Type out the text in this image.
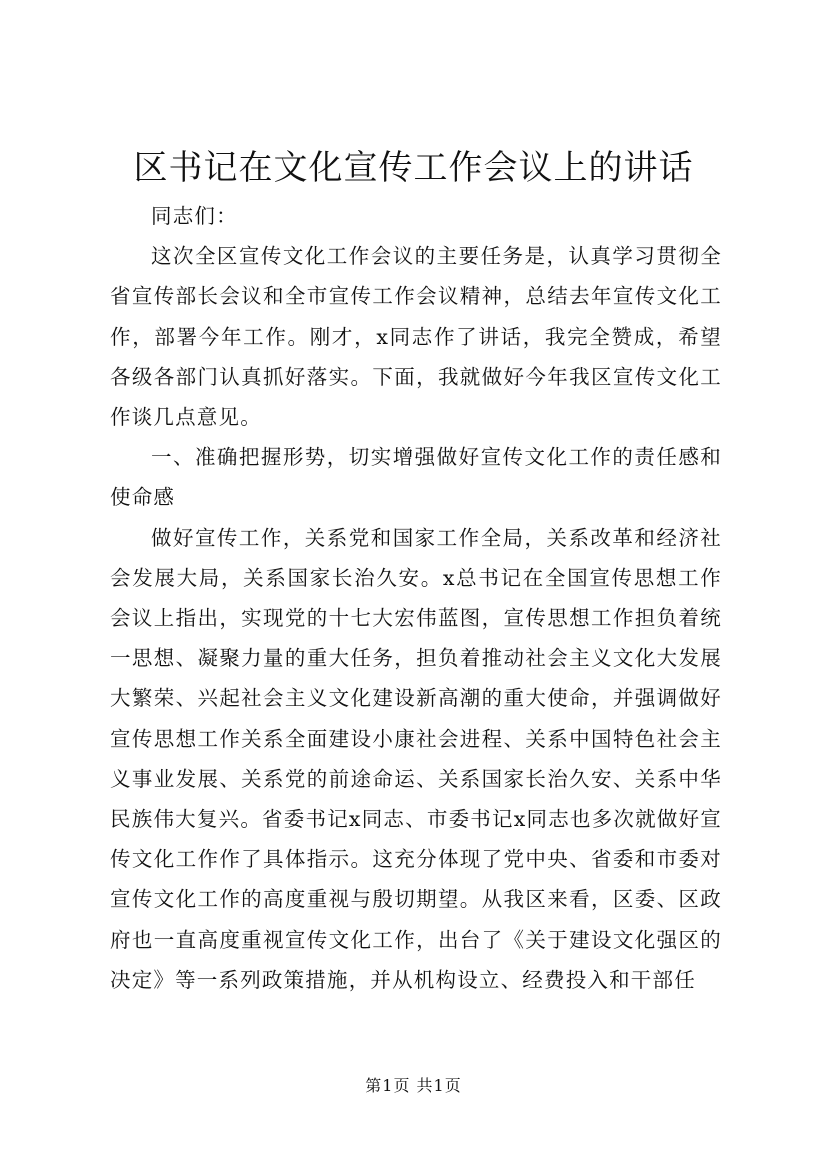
区书记在文化宣传工作会议上的讲话

同志们：

这次全区宣传文化工作会议的主要任务是，认真学习贯彻全省宣传部长会议和全市宣传工作会议精神，总结去年宣传文化工作，部署今年工作。刚才，x同志作了讲话，我完全赞成，希望各级各部门认真抓好落实。下面，我就做好今年我区宣传文化工作谈几点意见。

一、准确把握形势，切实增强做好宣传文化工作的责任感和使命感

做好宣传工作，关系党和国家工作全局，关系改革和经济社会发展大局，关系国家长治久安。x总书记在全国宣传思想工作会议上指出，实现党的十七大宏伟蓝图，宣传思想工作担负着统一思想、凝聚力量的重大任务，担负着推动社会主义文化大发展大繁荣、兴起社会主义文化建设新高潮的重大使命，并强调做好宣传思想工作关系全面建设小康社会进程、关系中国特色社会主义事业发展、关系党的前途命运、关系国家长治久安、关系中华民族伟大复兴。省委书记x同志、市委书记x同志也多次就做好宣传文化工作作了具体指示。这充分体现了党中央、省委和市委对宣传文化工作的高度重视与殷切期望。从我区来看，区委、区政府也一直高度重视宣传文化工作，出台了《关于建设文化强区的决定》等一系列政策措施，并从机构设立、经费投入和干部任

第1页 共1页
